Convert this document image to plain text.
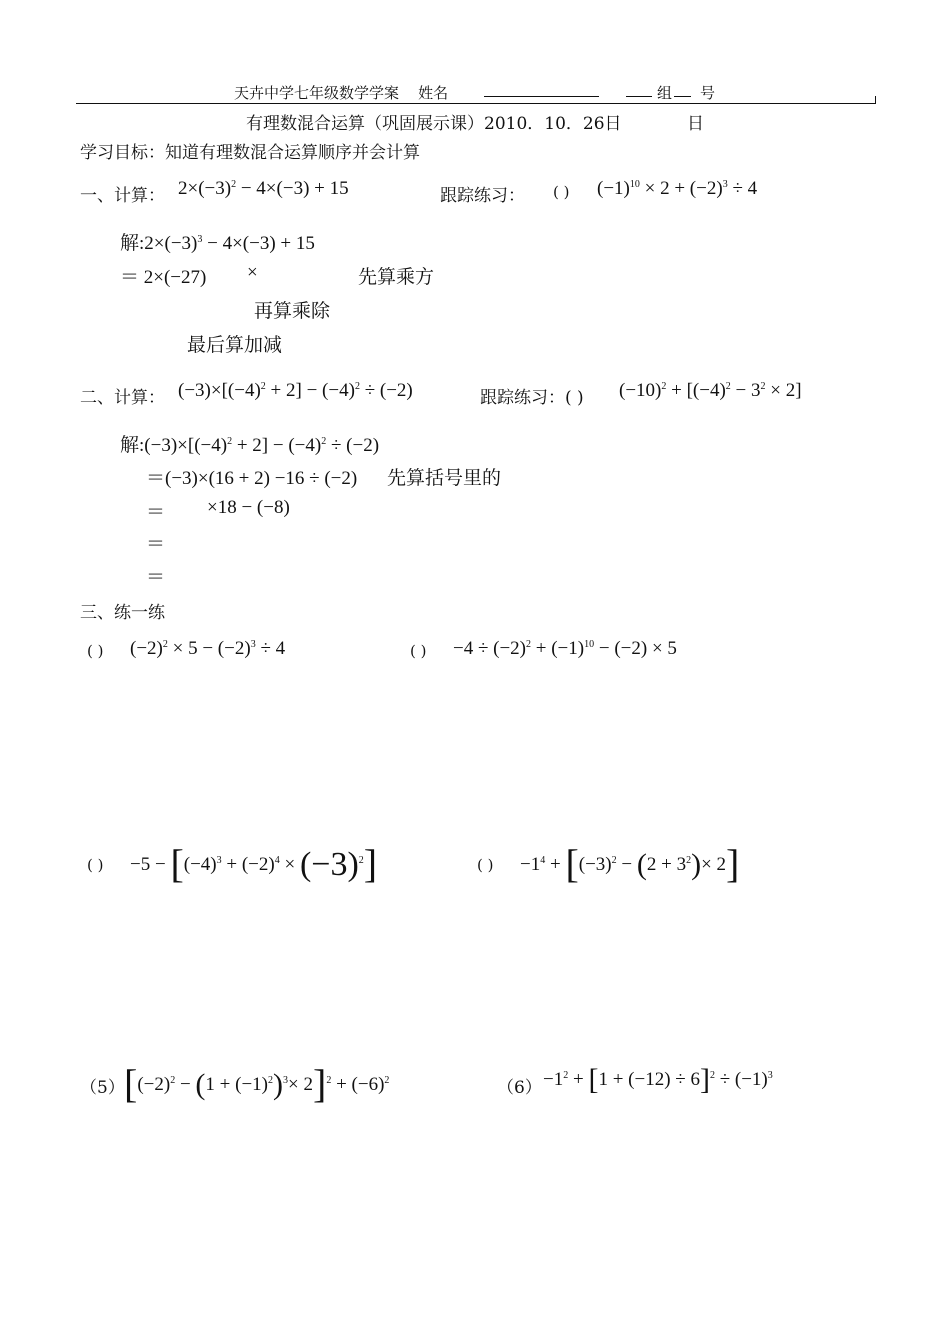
天卉中学七年级数学学案 姓名	组 号
有理数混合运算（巩固展示课）2010．10．26日	日
学习目标：知道有理数混合运算顺序并会计算
一、计算： $2\times(-3)^2 - 4\times(-3) + 15$	跟踪练习： ( ) $(-1)^{10} \times 2 + (-2)^3 \div 4$
解$:2\times(-3)^3 - 4\times(-3) + 15$
＝ 2×(−27) ×	先算乘方
再算乘除
最后算加减
二、计算： $(-3)\times[(-4)^2 + 2] - (-4)^2 \div (-2)$	跟踪练习：( ) $(-10)^2 + [(-4)^2 - 3^2 \times 2]$
解$:(-3)\times[(-4)^2 + 2] - (-4)^2 \div (-2)$
＝(−3)×(16 + 2) −16 ÷ (−2) 先算括号里的
＝ ×18 − (−8)
＝
＝
三、练一练
( ) $(-2)^2 \times 5 - (-2)^3 \div 4$	( ) $-4 \div (-2)^2 + (-1)^{10} - (-2) \times 5$
( ) $-5 - [(-4)^3 + (-2)^4 \times (-3)^2]$	( ) $-1^4 + [(-3)^2 - (2 + 3^2)\times 2]$
（5） $[(-2)^2 - (1 + (-1)^2)^3\times 2]^2 + (-6)^2$	$(6) -1^2 + [1 + (-12) \div 6]^2 \div (-1)^3$
